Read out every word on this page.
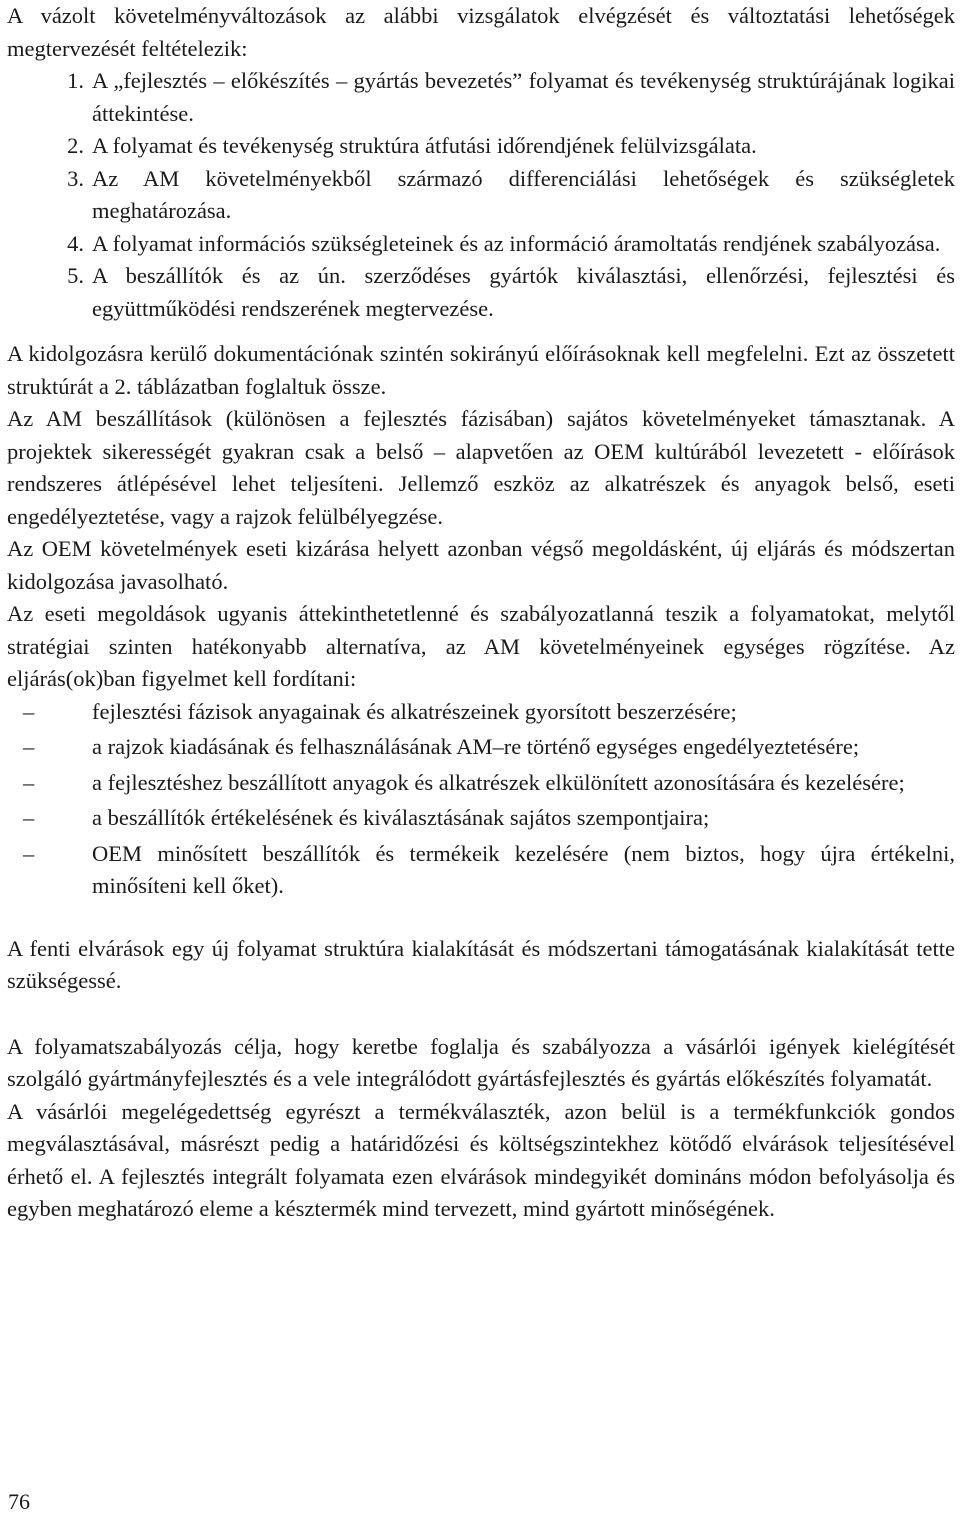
A vázolt követelményváltozások az alábbi vizsgálatok elvégzését és változtatási lehetőségek megtervezését feltételezik:

1. A „fejlesztés – előkészítés – gyártás bevezetés” folyamat és tevékenység struktúrájának logikai áttekintése.
2. A folyamat és tevékenység struktúra átfutási időrendjének felülvizsgálata.
3. Az AM követelményekből származó differenciálási lehetőségek és szükségletek meghatározása.
4. A folyamat információs szükségleteinek és az információ áramoltatás rendjének szabályozása.
5. A beszállítók és az ún. szerződéses gyártók kiválasztási, ellenőrzési, fejlesztési és együttműködési rendszerének megtervezése.

A kidolgozásra kerülő dokumentációnak szintén sokirányú előírásoknak kell megfelelni. Ezt az összetett struktúrát a 2. táblázatban foglaltuk össze.

Az AM beszállítások (különösen a fejlesztés fázisában) sajátos követelményeket támasztanak. A projektek sikerességét gyakran csak a belső – alapvetően az OEM kultúrából levezetett - előírások rendszeres átlépésével lehet teljesíteni. Jellemző eszköz az alkatrészek és anyagok belső, eseti engedélyeztetése, vagy a rajzok felülbélyegzése.

Az OEM követelmények eseti kizárása helyett azonban végső megoldásként, új eljárás és módszertan kidolgozása javasolható.

Az eseti megoldások ugyanis áttekinthetetlenné és szabályozatlanná teszik a folyamatokat, melytől stratégiai szinten hatékonyabb alternatíva, az AM követelményeinek egységes rögzítése. Az eljárás(ok)ban figyelmet kell fordítani:

–	fejlesztési fázisok anyagainak és alkatrészeinek gyorsított beszerzésére;
–	a rajzok kiadásának és felhasználásának AM–re történő egységes engedélyeztetésére;
–	a fejlesztéshez beszállított anyagok és alkatrészek elkülönített azonosítására és kezelésére;
–	a beszállítók értékelésének és kiválasztásának sajátos szempontjaira;
–	OEM minősített beszállítók és termékeik kezelésére (nem biztos, hogy újra értékelni, minősíteni kell őket).

A fenti elvárások egy új folyamat struktúra kialakítását és módszertani támogatásának kialakítását tette szükségessé.

A folyamatszabályozás célja, hogy keretbe foglalja és szabályozza a vásárlói igények kielégítését szolgáló gyártmányfejlesztés és a vele integrálódott gyártásfejlesztés és gyártás előkészítés folyamatát.

A vásárlói megelégedettség egyrészt a termékválaszték, azon belül is a termékfunkciók gondos megválasztásával, másrészt pedig a határidőzési és költségszintekhez kötődő elvárások teljesítésével érhető el. A fejlesztés integrált folyamata ezen elvárások mindegyikét domináns módon befolyásolja és egyben meghatározó eleme a késztermék mind tervezett, mind gyártott minőségének.

76
